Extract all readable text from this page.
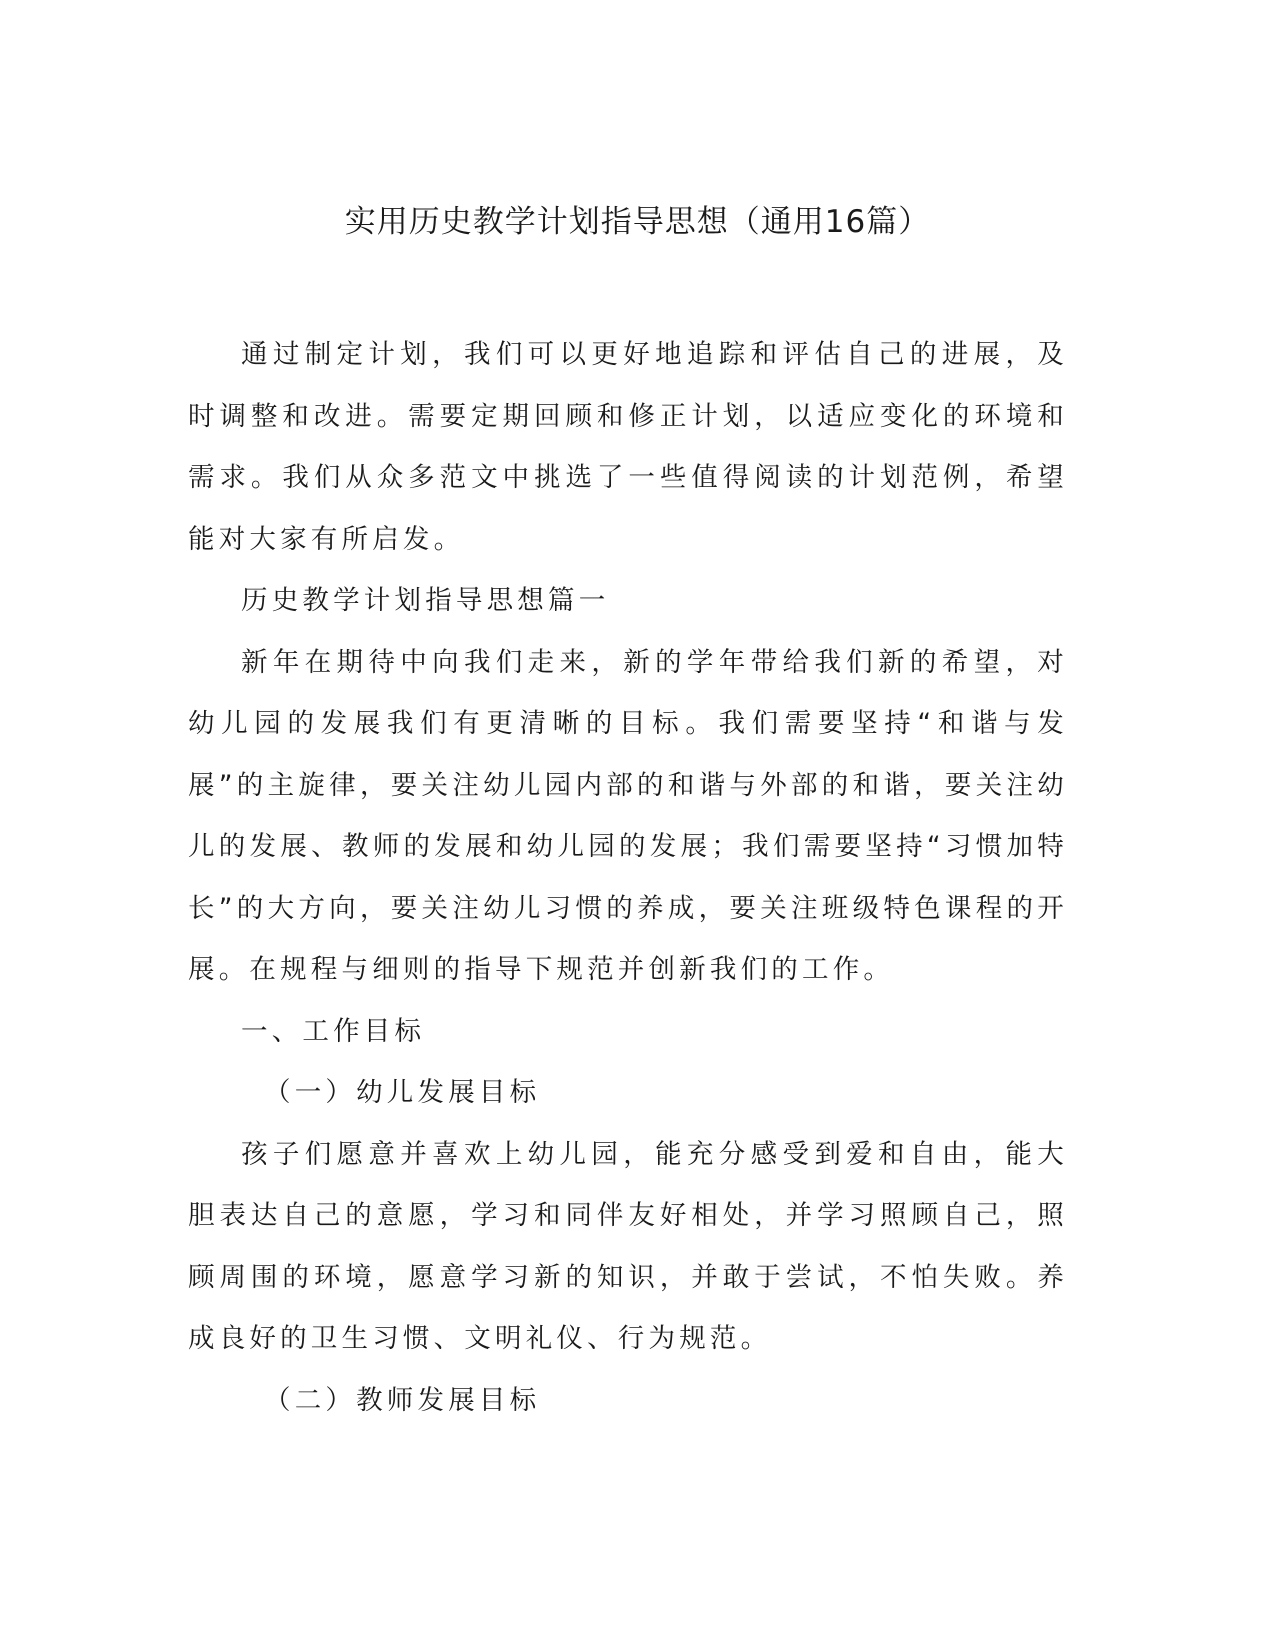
实用历史教学计划指导思想（通用16篇）

通过制定计划，我们可以更好地追踪和评估自己的进展，及时调整和改进。需要定期回顾和修正计划，以适应变化的环境和需求。我们从众多范文中挑选了一些值得阅读的计划范例，希望能对大家有所启发。

历史教学计划指导思想篇一

新年在期待中向我们走来，新的学年带给我们新的希望，对幼儿园的发展我们有更清晰的目标。我们需要坚持“和谐与发展”的主旋律，要关注幼儿园内部的和谐与外部的和谐，要关注幼儿的发展、教师的发展和幼儿园的发展；我们需要坚持“习惯加特长”的大方向，要关注幼儿习惯的养成，要关注班级特色课程的开展。在规程与细则的指导下规范并创新我们的工作。

一、工作目标

（一）幼儿发展目标

孩子们愿意并喜欢上幼儿园，能充分感受到爱和自由，能大胆表达自己的意愿，学习和同伴友好相处，并学习照顾自己，照顾周围的环境，愿意学习新的知识，并敢于尝试，不怕失败。养成良好的卫生习惯、文明礼仪、行为规范。

（二）教师发展目标
